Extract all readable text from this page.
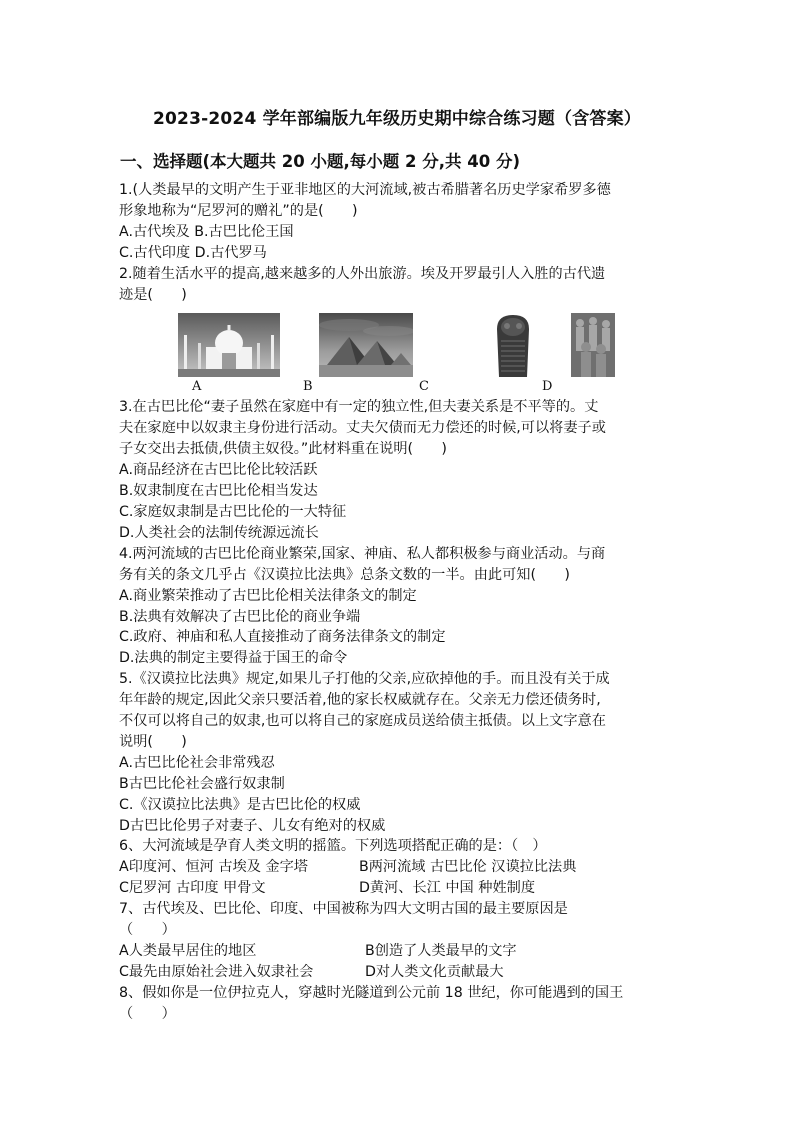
2023-2024 学年部编版九年级历史期中综合练习题（含答案）
一、选择题(本大题共 20 小题,每小题 2 分,共 40 分)
1.(人类最早的文明产生于亚非地区的大河流域,被古希腊著名历史学家希罗多德
形象地称为“尼罗河的赠礼”的是(　　)
A.古代埃及 B.古巴比伦王国
C.古代印度 D.古代罗马
2.随着生活水平的提高,越来越多的人外出旅游。埃及开罗最引人入胜的古代遗
迹是(　　)
A	B	C	D
3.在古巴比伦“妻子虽然在家庭中有一定的独立性,但夫妻关系是不平等的。丈
夫在家庭中以奴隶主身份进行活动。丈夫欠债而无力偿还的时候,可以将妻子或
子女交出去抵债,供债主奴役。”此材料重在说明(　　)
A.商品经济在古巴比伦比较活跃
B.奴隶制度在古巴比伦相当发达
C.家庭奴隶制是古巴比伦的一大特征
D.人类社会的法制传统源远流长
4.两河流域的古巴比伦商业繁荣,国家、神庙、私人都积极参与商业活动。与商
务有关的条文几乎占《汉谟拉比法典》总条文数的一半。由此可知(　　)
A.商业繁荣推动了古巴比伦相关法律条文的制定
B.法典有效解决了古巴比伦的商业争端
C.政府、神庙和私人直接推动了商务法律条文的制定
D.法典的制定主要得益于国王的命令
5.《汉谟拉比法典》规定,如果儿子打他的父亲,应砍掉他的手。而且没有关于成
年年龄的规定,因此父亲只要活着,他的家长权威就存在。父亲无力偿还债务时,
不仅可以将自己的奴隶,也可以将自己的家庭成员送给债主抵债。以上文字意在
说明(　　)
A.古巴比伦社会非常残忍
B古巴比伦社会盛行奴隶制
C.《汉谟拉比法典》是古巴比伦的权威
D古巴比伦男子对妻子、儿女有绝对的权威
6、大河流域是孕育人类文明的摇篮。下列选项搭配正确的是：（　）
A印度河、恒河 古埃及 金字塔	B两河流域 古巴比伦 汉谟拉比法典
C尼罗河 古印度 甲骨文	D黄河、长江 中国 种姓制度
7、古代埃及、巴比伦、印度、中国被称为四大文明古国的最主要原因是
（　　）
A人类最早居住的地区	B创造了人类最早的文字
C最先由原始社会进入奴隶社会	D对人类文化贡献最大
8、假如你是一位伊拉克人，穿越时光隧道到公元前 18 世纪，你可能遇到的国王
（　　）
